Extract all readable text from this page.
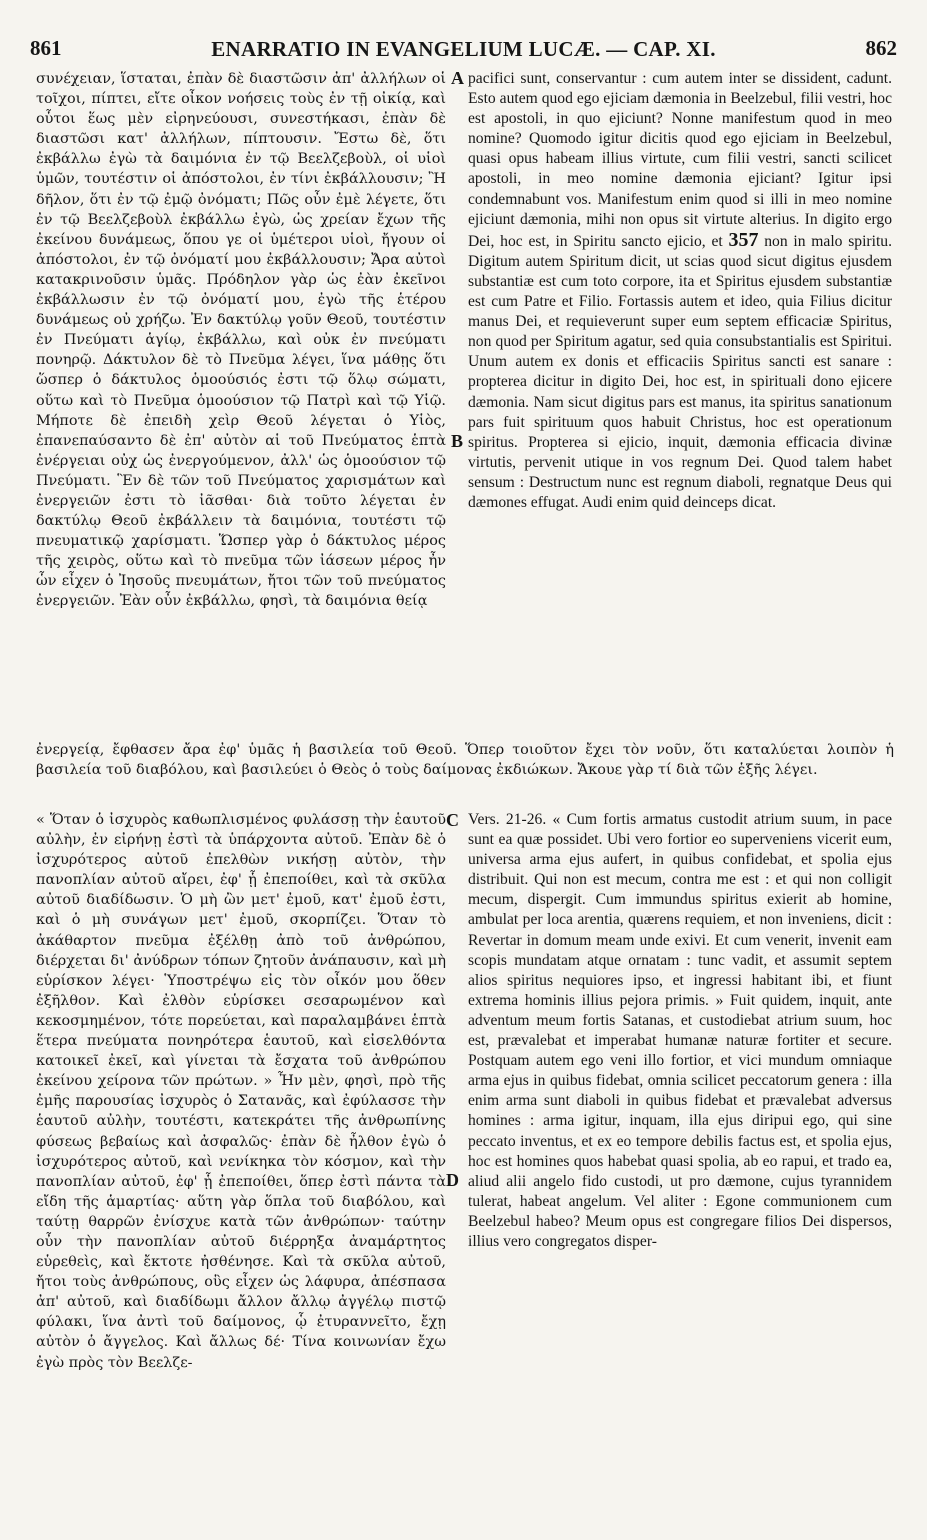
861	ENARRATIO IN EVANGELIUM LUCÆ. — CAP. XI.	862
συνέχειαν, ἵσταται, ἐπὰν δὲ διαστῶσιν ἀπ' ἀλλήλων οἱ τοῖχοι, πίπτει, εἴτε οἶκον νοήσεις τοὺς ἐν τῇ οἰκίᾳ, καὶ οὗτοι ἕως μὲν εἰρηνεύουσι, συνεστήκασι, ἐπὰν δὲ διαστῶσι κατ' ἀλλήλων, πίπτουσιν. Ἔστω δὲ, ὅτι ἐκβάλλω ἐγὼ τὰ δαιμόνια ἐν τῷ Βεελζεβοὺλ, οἱ υἱοὶ ὑμῶν, τουτέστιν οἱ ἀπόστολοι, ἐν τίνι ἐκβάλλουσιν; Ἢ δῆλον, ὅτι ἐν τῷ ἐμῷ ὀνόματι; Πῶς οὖν ἐμὲ λέγετε, ὅτι ἐν τῷ Βεελζεβοὺλ ἐκβάλλω ἐγὼ, ὡς χρείαν ἔχων τῆς ἐκείνου δυνάμεως, ὅπου γε οἱ ὑμέτεροι υἱοὶ, ἤγουν οἱ ἀπόστολοι, ἐν τῷ ὀνόματί μου ἐκβάλλουσιν; Ἄρα αὐτοὶ κατακρινοῦσιν ὑμᾶς. Πρόδηλον γὰρ ὡς ἐὰν ἐκεῖνοι ἐκβάλλωσιν ἐν τῷ ὀνόματί μου, ἐγὼ τῆς ἑτέρου δυνάμεως οὐ χρήζω. Ἐν δακτύλῳ γοῦν Θεοῦ, τουτέστιν ἐν Πνεύματι ἁγίῳ, ἐκβάλλω, καὶ οὐκ ἐν πνεύματι πονηρῷ. Δάκτυλον δὲ τὸ Πνεῦμα λέγει, ἵνα μάθῃς ὅτι ὥσπερ ὁ δάκτυλος ὁμοούσιός ἐστι τῷ ὅλῳ σώματι, οὕτω καὶ τὸ Πνεῦμα ὁμοούσιον τῷ Πατρὶ καὶ τῷ Υἱῷ. Μήποτε δὲ ἐπειδὴ χεὶρ Θεοῦ λέγεται ὁ Υἱὸς, ἐπανεπαύσαντο δὲ ἐπ' αὐτὸν αἱ τοῦ Πνεύματος ἑπτὰ ἐνέργειαι οὐχ ὡς ἐνεργούμενον, ἀλλ' ὡς ὁμοούσιον τῷ Πνεύματι. Ἓν δὲ τῶν τοῦ Πνεύματος χαρισμάτων καὶ ἐνεργειῶν ἐστι τὸ ἰᾶσθαι· διὰ τοῦτο λέγεται ἐν δακτύλῳ Θεοῦ ἐκβάλλειν τὰ δαιμόνια, τουτέστι τῷ πνευματικῷ χαρίσματι. Ὥσπερ γὰρ ὁ δάκτυλος μέρος τῆς χειρὸς, οὕτω καὶ τὸ πνεῦμα τῶν ἰάσεων μέρος ἦν ὧν εἶχεν ὁ Ἰησοῦς πνευμάτων, ἤτοι τῶν τοῦ πνεύματος ἐνεργειῶν. Ἐὰν οὖν ἐκβάλλω, φησὶ, τὰ δαιμόνια θείᾳ
pacifici sunt, conservantur : cum autem inter se dissident, cadunt. Esto autem quod ego ejiciam dæmonia in Beelzebul, filii vestri, hoc est apostoli, in quo ejiciunt? Nonne manifestum quod in meo nomine? Quomodo igitur dicitis quod ego ejiciam in Beelzebul, quasi opus habeam illius virtute, cum filii vestri, sancti scilicet apostoli, in meo nomine dæmonia ejiciant? Igitur ipsi condemnabunt vos. Manifestum enim quod si illi in meo nomine ejiciunt dæmonia, mihi non opus sit virtute alterius. In digito ergo Dei, hoc est, in Spiritu sancto ejicio, et 357 non in malo spiritu. Digitum autem Spiritum dicit, ut scias quod sicut digitus ejusdem substantiæ est cum toto corpore, ita et Spiritus ejusdem substantiæ est cum Patre et Filio. Fortassis autem et ideo, quia Filius dicitur manus Dei, et requieverunt super eum septem efficaciæ Spiritus, non quod per Spiritum agatur, sed quia consubstantialis est Spiritui. Unum autem ex donis et efficaciis Spiritus sancti est sanare : propterea dicitur in digito Dei, hoc est, in spirituali dono ejicere dæmonia. Nam sicut digitus pars est manus, ita spiritus sanationum pars fuit spirituum quos habuit Christus, hoc est operationum spiritus. Propterea si ejicio, inquit, dæmonia efficacia divinæ virtutis, pervenit utique in vos regnum Dei. Quod talem habet sensum : Destructum nunc est regnum diaboli, regnatque Deus qui dæmones effugat. Audi enim quid deinceps dicat.
ἐνεργείᾳ, ἔφθασεν ἄρα ἐφ' ὑμᾶς ἡ βασιλεία τοῦ Θεοῦ. Ὅπερ τοιοῦτον ἔχει τὸν νοῦν, ὅτι καταλύεται λοιπὸν ἡ βασιλεία τοῦ διαβόλου, καὶ βασιλεύει ὁ Θεὸς ὁ τοὺς δαίμονας ἐκδιώκων. Ἄκουε γὰρ τί διὰ τῶν ἑξῆς λέγει.
« Ὅταν ὁ ἰσχυρὸς καθωπλισμένος φυλάσσῃ τὴν ἑαυτοῦ αὐλὴν, ἐν εἰρήνῃ ἐστὶ τὰ ὑπάρχοντα αὐτοῦ. Ἐπὰν δὲ ὁ ἰσχυρότερος αὐτοῦ ἐπελθὼν νικήσῃ αὐτὸν, τὴν πανοπλίαν αὐτοῦ αἴρει, ἐφ' ᾗ ἐπεποίθει, καὶ τὰ σκῦλα αὐτοῦ διαδίδωσιν. Ὁ μὴ ὢν μετ' ἐμοῦ, κατ' ἐμοῦ ἐστι, καὶ ὁ μὴ συνάγων μετ' ἐμοῦ, σκορπίζει. Ὅταν τὸ ἀκάθαρτον πνεῦμα ἐξέλθῃ ἀπὸ τοῦ ἀνθρώπου, διέρχεται δι' ἀνύδρων τόπων ζητοῦν ἀνάπαυσιν, καὶ μὴ εὑρίσκον λέγει· Ὑποστρέψω εἰς τὸν οἶκόν μου ὅθεν ἐξῆλθον. Καὶ ἐλθὸν εὑρίσκει σεσαρωμένον καὶ κεκοσμημένον, τότε πορεύεται, καὶ παραλαμβάνει ἑπτὰ ἕτερα πνεύματα πονηρότερα ἑαυτοῦ, καὶ εἰσελθόντα κατοικεῖ ἐκεῖ, καὶ γίνεται τὰ ἔσχατα τοῦ ἀνθρώπου ἐκείνου χείρονα τῶν πρώτων. » Ἦν μὲν, φησὶ, πρὸ τῆς ἐμῆς παρουσίας ἰσχυρὸς ὁ Σατανᾶς, καὶ ἐφύλασσε τὴν ἑαυτοῦ αὐλὴν, τουτέστι, κατεκράτει τῆς ἀνθρωπίνης φύσεως βεβαίως καὶ ἀσφαλῶς· ἐπὰν δὲ ἦλθον ἐγὼ ὁ ἰσχυρότερος αὐτοῦ, καὶ νενίκηκα τὸν κόσμον, καὶ τὴν πανοπλίαν αὐτοῦ, ἐφ' ᾗ ἐπεποίθει, ὅπερ ἐστὶ πάντα τὰ εἴδη τῆς ἁμαρτίας· αὕτη γὰρ ὅπλα τοῦ διαβόλου, καὶ ταύτῃ θαρρῶν ἐνίσχυε κατὰ τῶν ἀνθρώπων· ταύτην οὖν τὴν πανοπλίαν αὐτοῦ διέρρηξα ἀναμάρτητος εὑρεθεὶς, καὶ ἔκτοτε ἠσθένησε. Καὶ τὰ σκῦλα αὐτοῦ, ἤτοι τοὺς ἀνθρώπους, οὓς εἶχεν ὡς λάφυρα, ἀπέσπασα ἀπ' αὐτοῦ, καὶ διαδίδωμι ἄλλον ἄλλῳ ἀγγέλῳ πιστῷ φύλακι, ἵνα ἀντὶ τοῦ δαίμονος, ᾧ ἐτυραννεῖτο, ἔχῃ αὐτὸν ὁ ἄγγελος. Καὶ ἄλλως δέ· Τίνα κοινωνίαν ἔχω ἐγὼ πρὸς τὸν Βεελζε-
Vers. 21-26. « Cum fortis armatus custodit atrium suum, in pace sunt ea quæ possidet. Ubi vero fortior eo superveniens vicerit eum, universa arma ejus aufert, in quibus confidebat, et spolia ejus distribuit. Qui non est mecum, contra me est : et qui non colligit mecum, dispergit. Cum immundus spiritus exierit ab homine, ambulat per loca arentia, quærens requiem, et non inveniens, dicit : Revertar in domum meam unde exivi. Et cum venerit, invenit eam scopis mundatam atque ornatam : tunc vadit, et assumit septem alios spiritus nequiores ipso, et ingressi habitant ibi, et fiunt extrema hominis illius pejora primis. » Fuit quidem, inquit, ante adventum meum fortis Satanas, et custodiebat atrium suum, hoc est, prævalebat et imperabat humanæ naturæ fortiter et secure. Postquam autem ego veni illo fortior, et vici mundum omniaque arma ejus in quibus fidebat, omnia scilicet peccatorum genera : illa enim arma sunt diaboli in quibus fidebat et prævalebat adversus homines : arma igitur, inquam, illa ejus diripui ego, qui sine peccato inventus, et ex eo tempore debilis factus est, et spolia ejus, hoc est homines quos habebat quasi spolia, ab eo rapui, et trado ea, aliud alii angelo fido custodi, ut pro dæmone, cujus tyrannidem tulerat, habeat angelum. Vel aliter : Egone communionem cum Beelzebul habeo? Meum opus est congregare filios Dei dispersos, illius vero congregatos disper-
A
B
C
D
